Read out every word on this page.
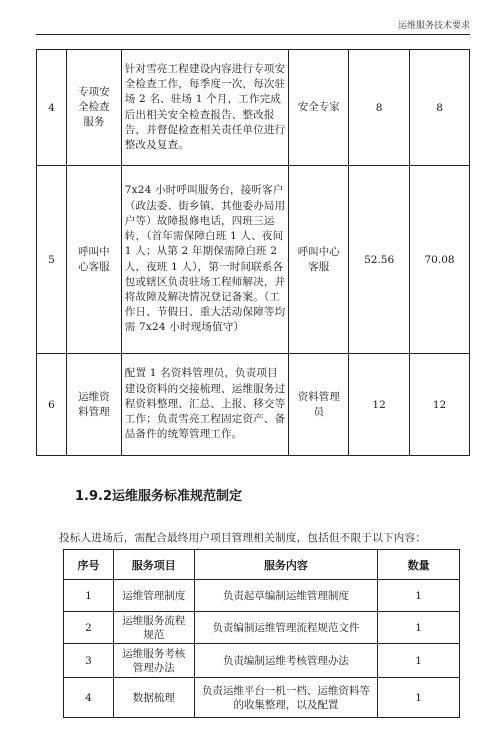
运维服务技术要求
4	专项安全检查服务	针对雪亮工程建设内容进行专项安全检查工作，每季度一次，每次驻场 2 名、驻场 1 个月，工作完成后出相关安全检查报告、整改报告，并督促检查相关责任单位进行整改及复查。	安全专家	8	8
5	呼叫中心客服	7x24 小时呼叫服务台，接听客户（政法委、街乡镇、其他委办局用户等）故障报修电话，四班三运转，（首年需保障白班 1 人、夜间 1 人；从第 2 年期保需障白班 2 人，夜班 1 人），第一时间联系各包或辖区负责驻场工程师解决，并将故障及解决情况登记备案。（工作日、节假日、重大活动保障等均需 7x24 小时现场值守）	呼叫中心客服	52.56	70.08
6	运维资料管理	配置 1 名资料管理员，负责项目建设资料的交接梳理、运维服务过程资料整理、汇总、上报、移交等工作；负责雪亮工程固定资产、备品备件的统筹管理工作。	资料管理员	12	12
1.9.2运维服务标准规范制定
投标人进场后，需配合最终用户项目管理相关制度，包括但不限于以下内容：
序号	服务项目	服务内容	数量
1	运维管理制度	负责起草编制运维管理制度	1
2	运维服务流程规范	负责编制运维管理流程规范文件	1
3	运维服务考核管理办法	负责编制运维考核管理办法	1
4	数据梳理	负责运维平台一机一档、运维资料等的收集整理，以及配置	1
